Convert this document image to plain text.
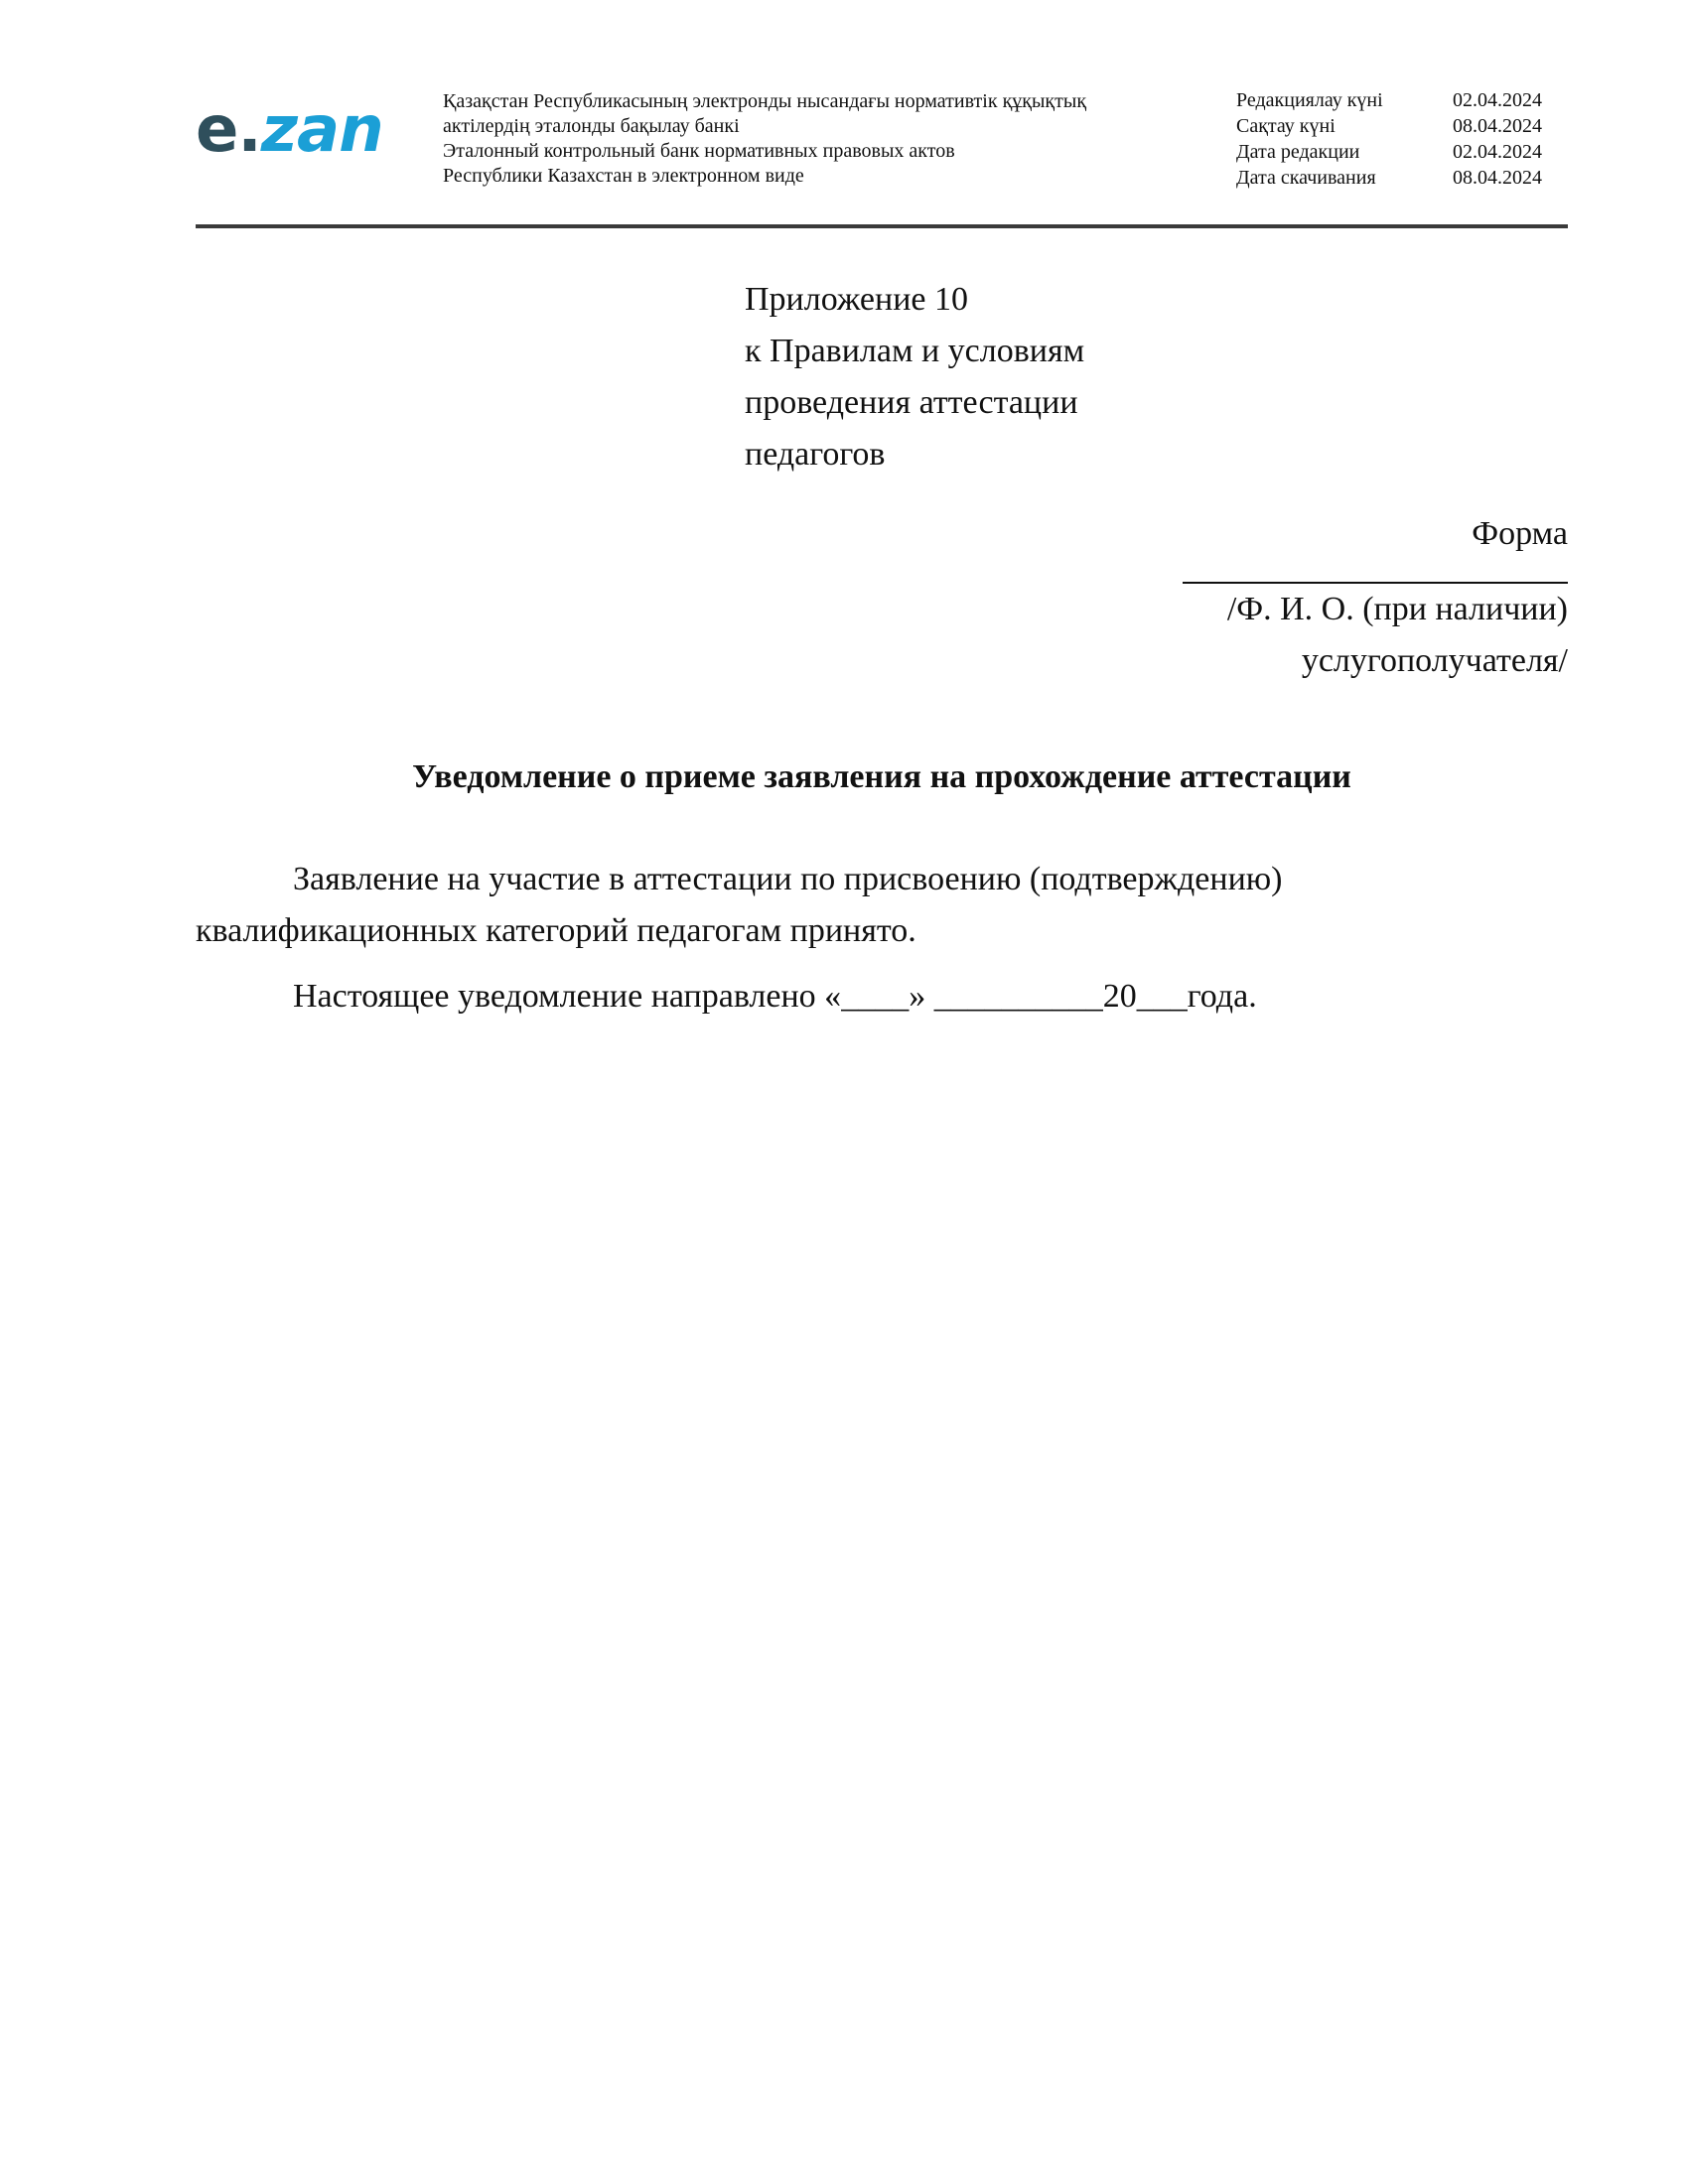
e . zan	Қазақстан Республикасының электронды нысандағы нормативтік құқықтық
актілердің эталонды бақылау банкі
Эталонный контрольный банк нормативных правовых актов
Республики Казахстан в электронном виде
Редакциялау күні	02.04.2024
Сақтау күні	08.04.2024
Дата редакции	02.04.2024
Дата скачивания	08.04.2024
Приложение 10
к Правилам и условиям
проведения аттестации
педагогов
Форма
/Ф. И. О. (при наличии)
услугополучателя/
Уведомление о приеме заявления на прохождение аттестации
Заявление на участие в аттестации по присвоению (подтверждению)
квалификационных категорий педагогам принято.
Настоящее уведомление направлено «____» __________20___года.
